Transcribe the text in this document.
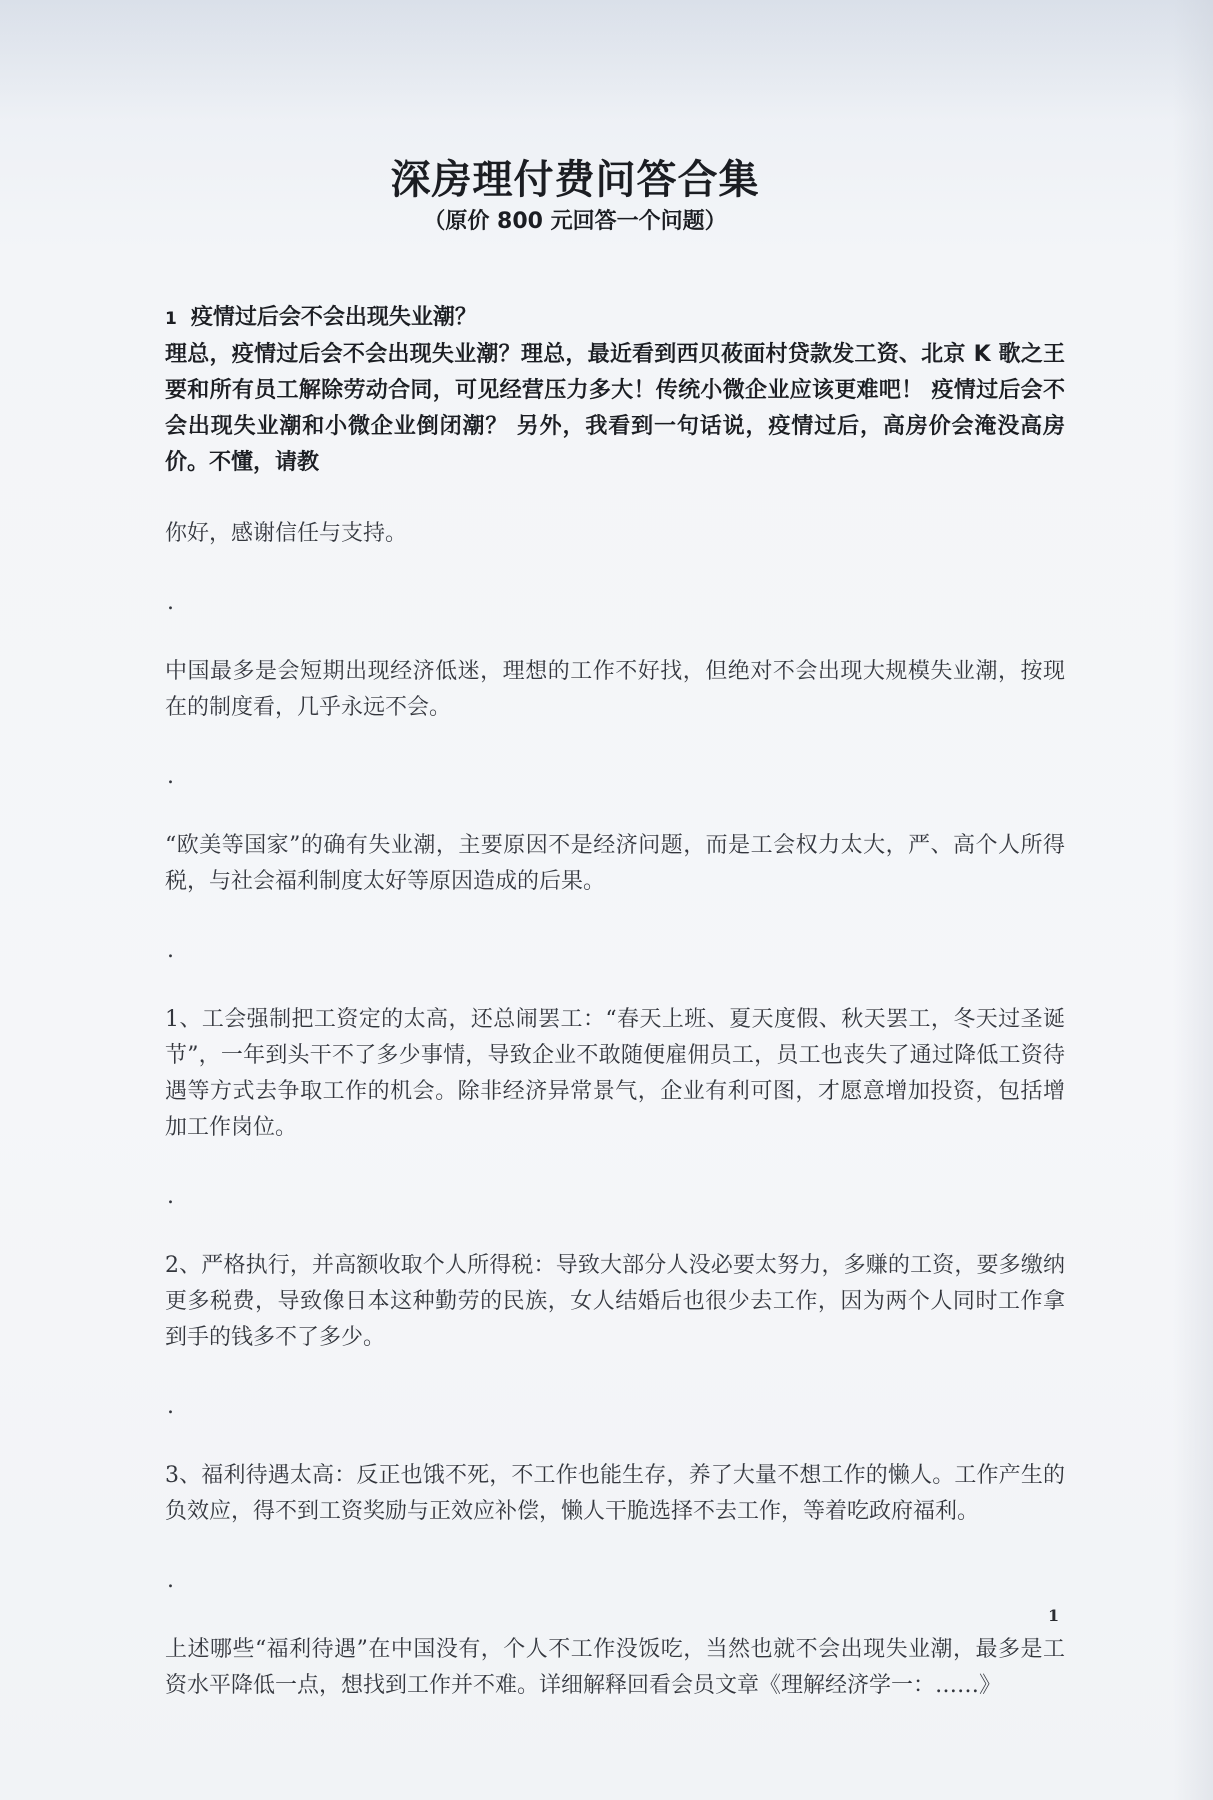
深房理付费问答合集
（原价 800 元回答一个问题）
1 疫情过后会不会出现失业潮？

理总，疫情过后会不会出现失业潮？理总，最近看到西贝莜面村贷款发工资、北京 K 歌之王要和所有员工解除劳动合同，可见经营压力多大！传统小微企业应该更难吧！ 疫情过后会不会出现失业潮和小微企业倒闭潮？ 另外，我看到一句话说，疫情过后，高房价会淹没高房价。不懂，请教

你好，感谢信任与支持。

.

中国最多是会短期出现经济低迷，理想的工作不好找，但绝对不会出现大规模失业潮，按现在的制度看，几乎永远不会。

.

“欧美等国家”的确有失业潮，主要原因不是经济问题，而是工会权力太大，严、高个人所得税，与社会福利制度太好等原因造成的后果。

.

1、工会强制把工资定的太高，还总闹罢工：“春天上班、夏天度假、秋天罢工，冬天过圣诞节”，一年到头干不了多少事情，导致企业不敢随便雇佣员工，员工也丧失了通过降低工资待遇等方式去争取工作的机会。除非经济异常景气，企业有利可图，才愿意增加投资，包括增加工作岗位。

.

2、严格执行，并高额收取个人所得税：导致大部分人没必要太努力，多赚的工资，要多缴纳更多税费，导致像日本这种勤劳的民族，女人结婚后也很少去工作，因为两个人同时工作拿到手的钱多不了多少。

.

3、福利待遇太高：反正也饿不死，不工作也能生存，养了大量不想工作的懒人。工作产生的负效应，得不到工资奖励与正效应补偿，懒人干脆选择不去工作，等着吃政府福利。

.

上述哪些“福利待遇”在中国没有，个人不工作没饭吃，当然也就不会出现失业潮，最多是工资水平降低一点，想找到工作并不难。详细解释回看会员文章《理解经济学一：……》

1
